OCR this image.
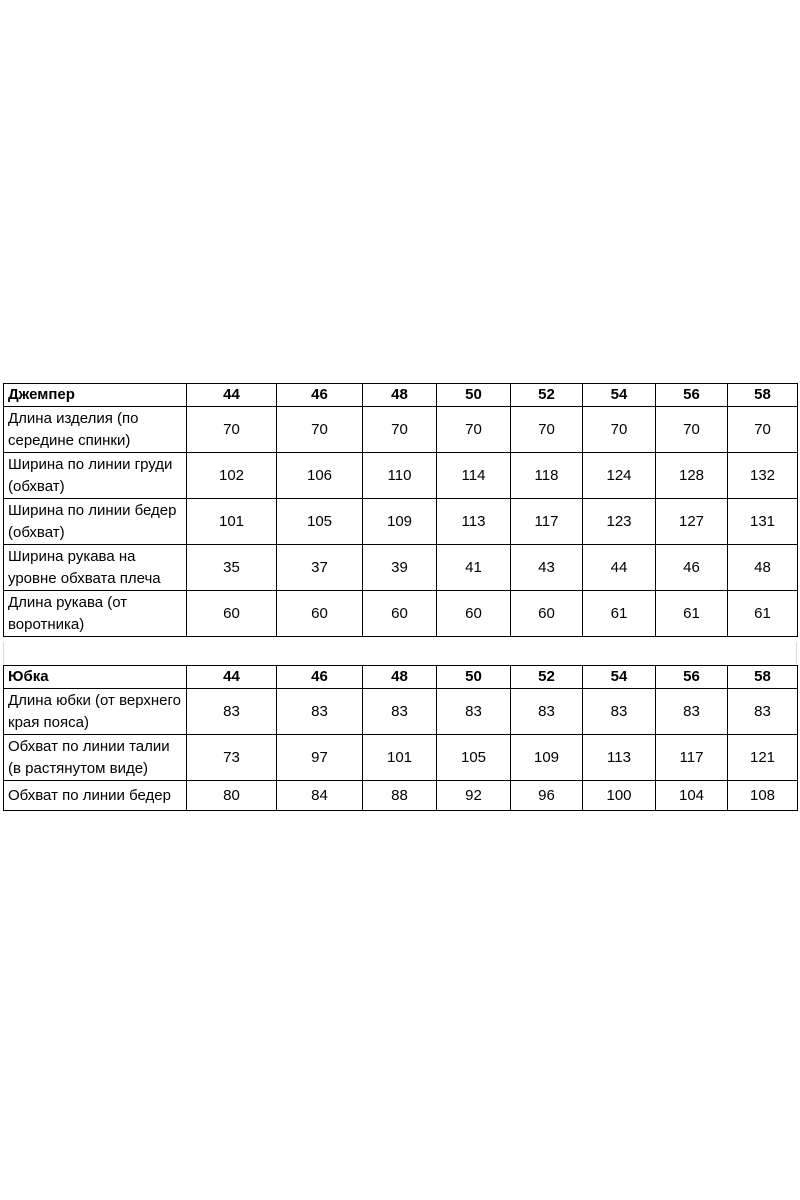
Джемпер	44	46	48	50	52	54	56	58
Длина изделия (по середине спинки)	70	70	70	70	70	70	70	70
Ширина по линии груди (обхват)	102	106	110	114	118	124	128	132
Ширина по линии бедер (обхват)	101	105	109	113	117	123	127	131
Ширина рукава на уровне обхвата плеча	35	37	39	41	43	44	46	48
Длина рукава (от воротника)	60	60	60	60	60	61	61	61
Юбка	44	46	48	50	52	54	56	58
Длина юбки (от верхнего края пояса)	83	83	83	83	83	83	83	83
Обхват по линии талии (в растянутом виде)	73	97	101	105	109	113	117	121
Обхват по линии бедер	80	84	88	92	96	100	104	108
